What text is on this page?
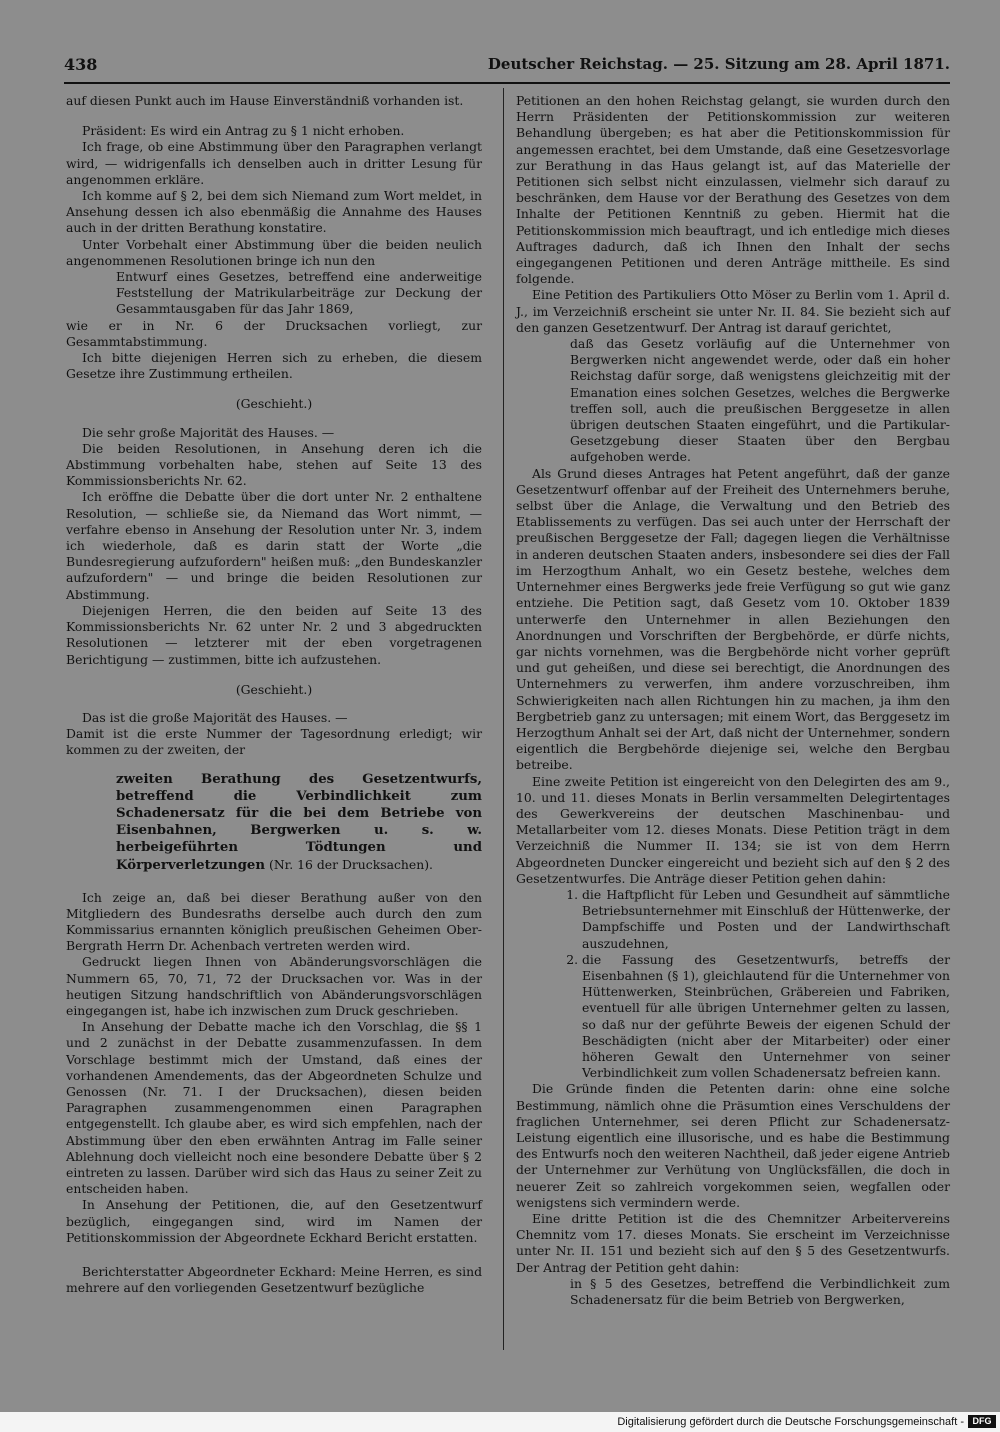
438	Deutscher Reichstag. — 25. Sitzung am 28. April 1871.

auf diesen Punkt auch im Hause Einverständniß vorhanden ist.

Präsident: Es wird ein Antrag zu § 1 nicht erhoben.

Ich frage, ob eine Abstimmung über den Paragraphen verlangt wird, — widrigenfalls ich denselben auch in dritter Lesung für angenommen erkläre.

Ich komme auf § 2, bei dem sich Niemand zum Wort meldet, in Ansehung dessen ich also ebenmäßig die Annahme des Hauses auch in der dritten Berathung konstatire.

Unter Vorbehalt einer Abstimmung über die beiden neulich angenommenen Resolutionen bringe ich nun den

Entwurf eines Gesetzes, betreffend eine anderweitige Feststellung der Matrikularbeiträge zur Deckung der Gesammtausgaben für das Jahr 1869,

wie er in Nr. 6 der Drucksachen vorliegt, zur Gesammtabstimmung.

Ich bitte diejenigen Herren sich zu erheben, die diesem Gesetze ihre Zustimmung ertheilen.

(Geschieht.)

Die sehr große Majorität des Hauses. —

Die beiden Resolutionen, in Ansehung deren ich die Abstimmung vorbehalten habe, stehen auf Seite 13 des Kommissionsberichts Nr. 62.

Ich eröffne die Debatte über die dort unter Nr. 2 enthaltene Resolution, — schließe sie, da Niemand das Wort nimmt, — verfahre ebenso in Ansehung der Resolution unter Nr. 3, indem ich wiederhole, daß es darin statt der Worte „die Bundesregierung aufzufordern" heißen muß: „den Bundeskanzler aufzufordern" — und bringe die beiden Resolutionen zur Abstimmung.

Diejenigen Herren, die den beiden auf Seite 13 des Kommissionsberichts Nr. 62 unter Nr. 2 und 3 abgedruckten Resolutionen — letzterer mit der eben vorgetragenen Berichtigung — zustimmen, bitte ich aufzustehen.

(Geschieht.)

Das ist die große Majorität des Hauses. —

Damit ist die erste Nummer der Tagesordnung erledigt; wir kommen zu der zweiten, der

zweiten Berathung des Gesetzentwurfs, betreffend die Verbindlichkeit zum Schadenersatz für die bei dem Betriebe von Eisenbahnen, Bergwerken u. s. w. herbeigeführten Tödtungen und Körperverletzungen (Nr. 16 der Drucksachen).

Ich zeige an, daß bei dieser Berathung außer von den Mitgliedern des Bundesraths derselbe auch durch den zum Kommissarius ernannten königlich preußischen Geheimen Ober-Bergrath Herrn Dr. Achenbach vertreten werden wird.

Gedruckt liegen Ihnen von Abänderungsvorschlägen die Nummern 65, 70, 71, 72 der Drucksachen vor. Was in der heutigen Sitzung handschriftlich von Abänderungsvorschlägen eingegangen ist, habe ich inzwischen zum Druck geschrieben.

In Ansehung der Debatte mache ich den Vorschlag, die §§ 1 und 2 zunächst in der Debatte zusammenzufassen. In dem Vorschlage bestimmt mich der Umstand, daß eines der vorhandenen Amendements, das der Abgeordneten Schulze und Genossen (Nr. 71. I der Drucksachen), diesen beiden Paragraphen zusammengenommen einen Paragraphen entgegenstellt. Ich glaube aber, es wird sich empfehlen, nach der Abstimmung über den eben erwähnten Antrag im Falle seiner Ablehnung doch vielleicht noch eine besondere Debatte über § 2 eintreten zu lassen. Darüber wird sich das Haus zu seiner Zeit zu entscheiden haben.

In Ansehung der Petitionen, die, auf den Gesetzentwurf bezüglich, eingegangen sind, wird im Namen der Petitionskommission der Abgeordnete Eckhard Bericht erstatten.

Berichterstatter Abgeordneter Eckhard: Meine Herren, es sind mehrere auf den vorliegenden Gesetzentwurf bezügliche

Petitionen an den hohen Reichstag gelangt, sie wurden durch den Herrn Präsidenten der Petitionskommission zur weiteren Behandlung übergeben; es hat aber die Petitionskommission für angemessen erachtet, bei dem Umstande, daß eine Gesetzesvorlage zur Berathung in das Haus gelangt ist, auf das Materielle der Petitionen sich selbst nicht einzulassen, vielmehr sich darauf zu beschränken, dem Hause vor der Berathung des Gesetzes von dem Inhalte der Petitionen Kenntniß zu geben. Hiermit hat die Petitionskommission mich beauftragt, und ich entledige mich dieses Auftrages dadurch, daß ich Ihnen den Inhalt der sechs eingegangenen Petitionen und deren Anträge mittheile. Es sind folgende.

Eine Petition des Partikuliers Otto Möser zu Berlin vom 1. April d. J., im Verzeichniß erscheint sie unter Nr. II. 84. Sie bezieht sich auf den ganzen Gesetzentwurf. Der Antrag ist darauf gerichtet,

daß das Gesetz vorläufig auf die Unternehmer von Bergwerken nicht angewendet werde, oder daß ein hoher Reichstag dafür sorge, daß wenigstens gleichzeitig mit der Emanation eines solchen Gesetzes, welches die Bergwerke treffen soll, auch die preußischen Berggesetze in allen übrigen deutschen Staaten eingeführt, und die Partikular-Gesetzgebung dieser Staaten über den Bergbau aufgehoben werde.

Als Grund dieses Antrages hat Petent angeführt, daß der ganze Gesetzentwurf offenbar auf der Freiheit des Unternehmers beruhe, selbst über die Anlage, die Verwaltung und den Betrieb des Etablissements zu verfügen. Das sei auch unter der Herrschaft der preußischen Berggesetze der Fall; dagegen liegen die Verhältnisse in anderen deutschen Staaten anders, insbesondere sei dies der Fall im Herzogthum Anhalt, wo ein Gesetz bestehe, welches dem Unternehmer eines Bergwerks jede freie Verfügung so gut wie ganz entziehe. Die Petition sagt, daß Gesetz vom 10. Oktober 1839 unterwerfe den Unternehmer in allen Beziehungen den Anordnungen und Vorschriften der Bergbehörde, er dürfe nichts, gar nichts vornehmen, was die Bergbehörde nicht vorher geprüft und gut geheißen, und diese sei berechtigt, die Anordnungen des Unternehmers zu verwerfen, ihm andere vorzuschreiben, ihm Schwierigkeiten nach allen Richtungen hin zu machen, ja ihm den Bergbetrieb ganz zu untersagen; mit einem Wort, das Berggesetz im Herzogthum Anhalt sei der Art, daß nicht der Unternehmer, sondern eigentlich die Bergbehörde diejenige sei, welche den Bergbau betreibe.

Eine zweite Petition ist eingereicht von den Delegirten des am 9., 10. und 11. dieses Monats in Berlin versammelten Delegirtentages des Gewerkvereins der deutschen Maschinenbau- und Metallarbeiter vom 12. dieses Monats. Diese Petition trägt in dem Verzeichniß die Nummer II. 134; sie ist von dem Herrn Abgeordneten Duncker eingereicht und bezieht sich auf den § 2 des Gesetzentwurfes. Die Anträge dieser Petition gehen dahin:

1. die Haftpflicht für Leben und Gesundheit auf sämmtliche Betriebsunternehmer mit Einschluß der Hüttenwerke, der Dampfschiffe und Posten und der Landwirthschaft auszudehnen,
2. die Fassung des Gesetzentwurfs, betreffs der Eisenbahnen (§ 1), gleichlautend für die Unternehmer von Hüttenwerken, Steinbrüchen, Gräbereien und Fabriken, eventuell für alle übrigen Unternehmer gelten zu lassen, so daß nur der geführte Beweis der eigenen Schuld der Beschädigten (nicht aber der Mitarbeiter) oder einer höheren Gewalt den Unternehmer von seiner Verbindlichkeit zum vollen Schadenersatz befreien kann.

Die Gründe finden die Petenten darin: ohne eine solche Bestimmung, nämlich ohne die Präsumtion eines Verschuldens der fraglichen Unternehmer, sei deren Pflicht zur Schadenersatz-Leistung eigentlich eine illusorische, und es habe die Bestimmung des Entwurfs noch den weiteren Nachtheil, daß jeder eigene Antrieb der Unternehmer zur Verhütung von Unglücksfällen, die doch in neuerer Zeit so zahlreich vorgekommen seien, wegfallen oder wenigstens sich vermindern werde.

Eine dritte Petition ist die des Chemnitzer Arbeitervereins Chemnitz vom 17. dieses Monats. Sie erscheint im Verzeichnisse unter Nr. II. 151 und bezieht sich auf den § 5 des Gesetzentwurfs. Der Antrag der Petition geht dahin:

in § 5 des Gesetzes, betreffend die Verbindlichkeit zum Schadenersatz für die beim Betrieb von Bergwerken,

Digitalisierung gefördert durch die Deutsche Forschungsgemeinschaft - DFG
